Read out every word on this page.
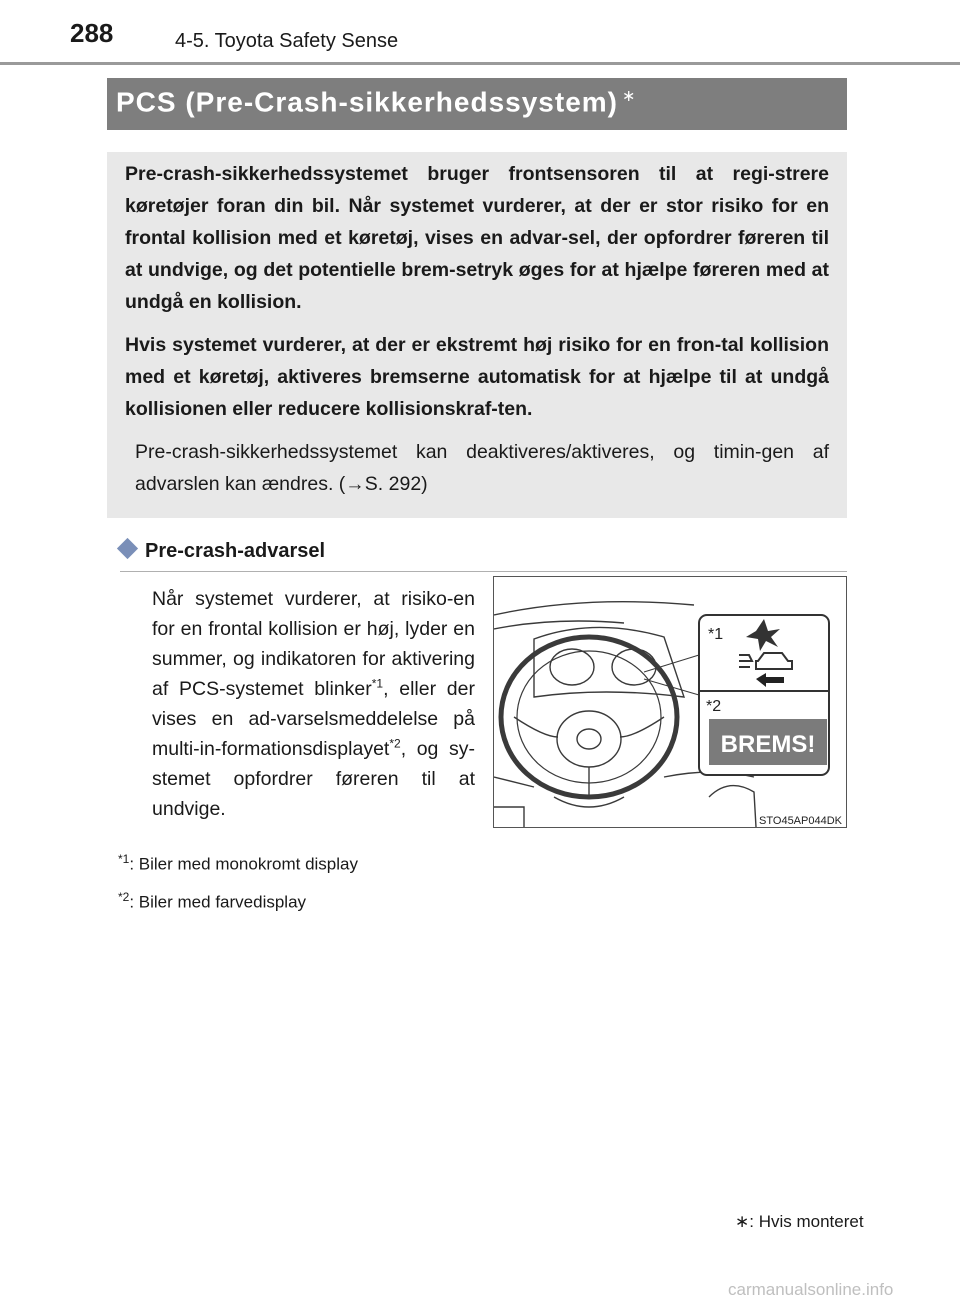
288	4-5. Toyota Safety Sense
PCS (Pre-Crash-sikkerhedssystem) ∗

Pre-crash-sikkerhedssystemet bruger frontsensoren til at regi-strere køretøjer foran din bil. Når systemet vurderer, at der er stor risiko for en frontal kollision med et køretøj, vises en advar-sel, der opfordrer føreren til at undvige, og det potentielle brem-setryk øges for at hjælpe føreren med at undgå en kollision.

Hvis systemet vurderer, at der er ekstremt høj risiko for en fron-tal kollision med et køretøj, aktiveres bremserne automatisk for at hjælpe til at undgå kollisionen eller reducere kollisionskraf-ten.

Pre-crash-sikkerhedssystemet kan deaktiveres/aktiveres, og timin-gen af advarslen kan ændres. (→S. 292)

Pre-crash-advarsel
Når systemet vurderer, at risiko-en for en frontal kollision er høj, lyder en summer, og indikatoren for aktivering af PCS-systemet blinker$^{*1}$, eller der vises en ad-varselsmeddelelse på multi-in-formationsdisplayet$^{*2}$, og sy-stemet opfordrer føreren til at undvige.
$^{*1}$: Biler med monokromt display
$^{*2}$: Biler med farvedisplay
*1
*2
BREMS!
STO45AP044DK
∗: Hvis monteret
carmanualsonline.info
